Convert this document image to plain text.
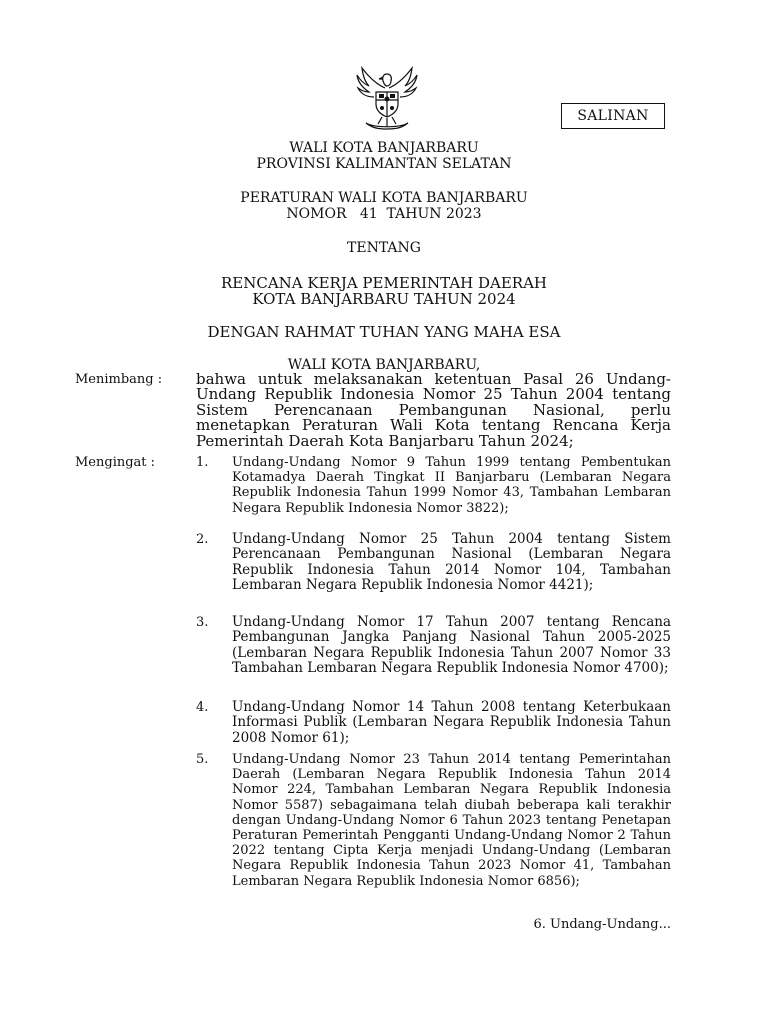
SALINAN
WALI KOTA BANJARBARU
PROVINSI KALIMANTAN SELATAN
PERATURAN WALI KOTA BANJARBARU
NOMOR   41  TAHUN 2023
TENTANG
RENCANA KERJA PEMERINTAH DAERAH
KOTA BANJARBARU TAHUN 2024
DENGAN RAHMAT TUHAN YANG MAHA ESA
WALI KOTA BANJARBARU,
Menimbang : bahwa untuk melaksanakan ketentuan Pasal 26 Undang-Undang Republik Indonesia Nomor 25 Tahun 2004 tentang Sistem Perencanaan Pembangunan Nasional, perlu menetapkan Peraturan Wali Kota tentang Rencana Kerja Pemerintah Daerah Kota Banjarbaru Tahun 2024;
Mengingat :	1. Undang-Undang Nomor 9 Tahun 1999 tentang Pembentukan Kotamadya Daerah Tingkat II Banjarbaru (Lembaran Negara Republik Indonesia Tahun 1999 Nomor 43, Tambahan Lembaran Negara Republik Indonesia Nomor 3822);
2. Undang-Undang Nomor 25 Tahun 2004 tentang Sistem Perencanaan Pembangunan Nasional (Lembaran Negara Republik Indonesia Tahun 2014 Nomor 104, Tambahan Lembaran Negara Republik Indonesia Nomor 4421);
3. Undang-Undang Nomor 17 Tahun 2007 tentang Rencana Pembangunan Jangka Panjang Nasional Tahun 2005-2025 (Lembaran Negara Republik Indonesia Tahun 2007 Nomor 33 Tambahan Lembaran Negara Republik Indonesia Nomor 4700);
4. Undang-Undang Nomor 14 Tahun 2008 tentang Keterbukaan Informasi Publik (Lembaran Negara Republik Indonesia Tahun 2008 Nomor 61);
5. Undang-Undang Nomor 23 Tahun 2014 tentang Pemerintahan Daerah (Lembaran Negara Republik Indonesia Tahun 2014 Nomor 224, Tambahan Lembaran Negara Republik Indonesia Nomor 5587) sebagaimana telah diubah beberapa kali terakhir dengan Undang-Undang Nomor 6 Tahun 2023 tentang Penetapan Peraturan Pemerintah Pengganti Undang-Undang Nomor 2 Tahun 2022 tentang Cipta Kerja menjadi Undang-Undang (Lembaran Negara Republik Indonesia Tahun 2023 Nomor 41, Tambahan Lembaran Negara Republik Indonesia Nomor 6856);
6. Undang-Undang...
